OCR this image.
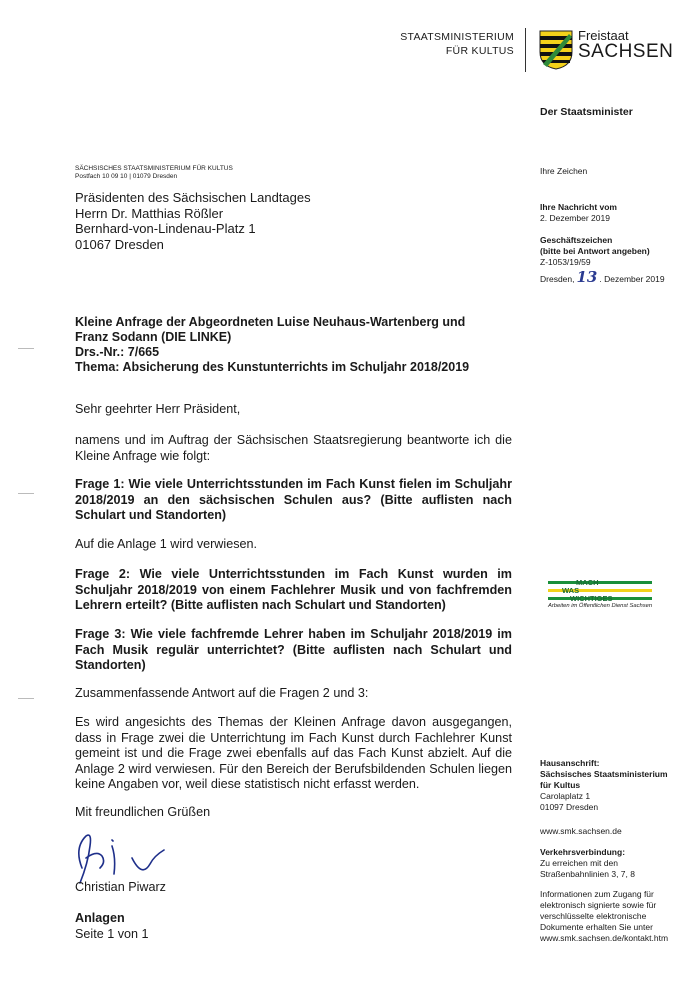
STAATSMINISTERIUM
FÜR KULTUS
Freistaat
SACHSEN
Der Staatsminister
SÄCHSISCHES STAATSMINISTERIUM FÜR KULTUS
Postfach 10 09 10 | 01079 Dresden
Präsidenten des Sächsischen Landtages
Herrn Dr. Matthias Rößler
Bernhard-von-Lindenau-Platz 1
01067 Dresden
Ihre Zeichen
Ihre Nachricht vom
2. Dezember 2019
Geschäftszeichen
(bitte bei Antwort angeben)
Z-1053/19/59
Dresden, 13 . Dezember 2019
Kleine Anfrage der Abgeordneten Luise Neuhaus-Wartenberg und
Franz Sodann (DIE LINKE)
Drs.-Nr.: 7/665
Thema: Absicherung des Kunstunterrichts im Schuljahr 2018/2019
Sehr geehrter Herr Präsident,
namens und im Auftrag der Sächsischen Staatsregierung beantworte ich die Kleine Anfrage wie folgt:
Frage 1: Wie viele Unterrichtsstunden im Fach Kunst fielen im Schuljahr 2018/2019 an den sächsischen Schulen aus? (Bitte auflisten nach Schulart und Standorten)
Auf die Anlage 1 wird verwiesen.
Frage 2: Wie viele Unterrichtsstunden im Fach Kunst wurden im Schuljahr 2018/2019 von einem Fachlehrer Musik und von fachfremden Lehrern erteilt? (Bitte auflisten nach Schulart und Standorten)
Frage 3: Wie viele fachfremde Lehrer haben im Schuljahr 2018/2019 im Fach Musik regulär unterrichtet? (Bitte auflisten nach Schulart und Standorten)
Zusammenfassende Antwort auf die Fragen 2 und 3:
Es wird angesichts des Themas der Kleinen Anfrage davon ausgegangen, dass in Frage zwei die Unterrichtung im Fach Kunst durch Fachlehrer Kunst gemeint ist und die Frage zwei ebenfalls auf das Fach Kunst abzielt. Auf die Anlage 2 wird verwiesen. Für den Bereich der Berufsbildenden Schulen liegen keine Angaben vor, weil diese statistisch nicht erfasst werden.
Mit freundlichen Grüßen
Christian Piwarz
Anlagen
Seite 1 von 1
MACH
WAS
WICHTIGES
Arbeiten im Öffentlichen Dienst Sachsen
Hausanschrift:
Sächsisches Staatsministerium
für Kultus
Carolaplatz 1
01097 Dresden
www.smk.sachsen.de
Verkehrsverbindung:
Zu erreichen mit den
Straßenbahnlinien 3, 7, 8
Informationen zum Zugang für
elektronisch signierte sowie für
verschlüsselte elektronische
Dokumente erhalten Sie unter
www.smk.sachsen.de/kontakt.htm
